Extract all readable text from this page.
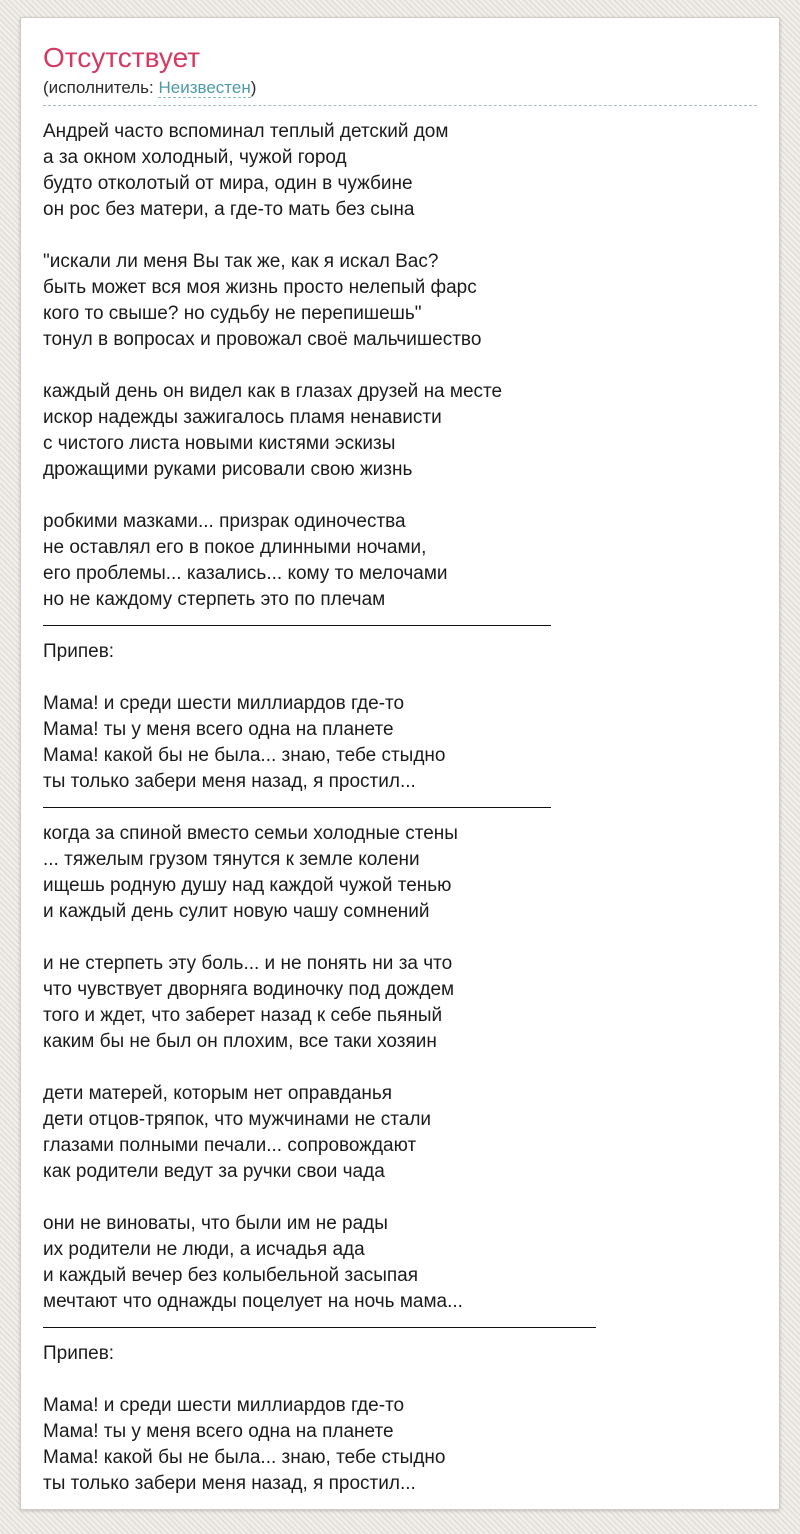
Отсутствует
(исполнитель: Неизвестен)
Андрей часто вспоминал теплый детский дом
а за окном холодный, чужой город
будто отколотый от мира, один в чужбине
он рос без матери, а где-то мать без сына
"искали ли меня Вы так же, как я искал Вас?
быть может вся моя жизнь просто нелепый фарс
кого то свыше? но судьбу не перепишешь"
тонул в вопросах и провожал своё мальчишество
каждый день он видел как в глазах друзей на месте
искор надежды зажигалось пламя ненависти
с чистого листа новыми кистями эскизы
дрожащими руками рисовали свою жизнь
робкими мазками... призрак одиночества
не оставлял его в покое длинными ночами,
его проблемы... казались... кому то мелочами
но не каждому стерпеть это по плечам
Припев:
Мама! и среди шести миллиардов где-то
Мама! ты у меня всего одна на планете
Мама! какой бы не была... знаю, тебе стыдно
ты только забери меня назад, я простил...
когда за спиной вместо семьи холодные стены
... тяжелым грузом тянутся к земле колени
ищешь родную душу над каждой чужой тенью
и каждый день сулит новую чашу сомнений
и не стерпеть эту боль... и не понять ни за что
что чувствует дворняга водиночку под дождем
того и ждет, что заберет назад к себе пьяный
каким бы не был он плохим, все таки хозяин
дети матерей, которым нет оправданья
дети отцов-тряпок, что мужчинами не стали
глазами полными печали... сопровождают
как родители ведут за ручки свои чада
они не виноваты, что были им не рады
их родители не люди, а исчадья ада
и каждый вечер без колыбельной засыпая
мечтают что однажды поцелует на ночь мама...
Припев:
Мама! и среди шести миллиардов где-то
Мама! ты у меня всего одна на планете
Мама! какой бы не была... знаю, тебе стыдно
ты только забери меня назад, я простил...
